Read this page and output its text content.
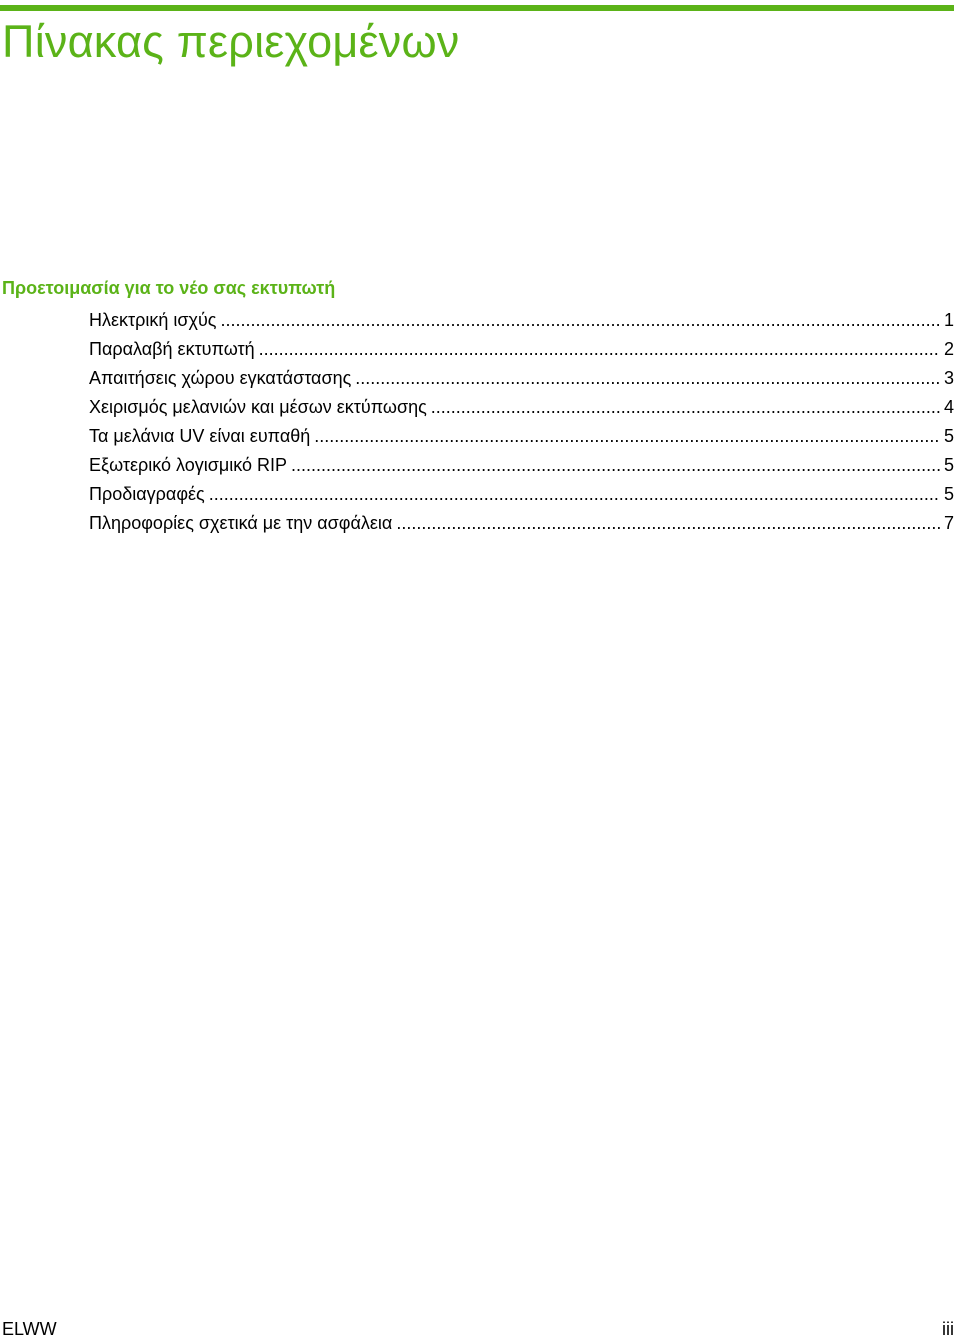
Πίνακας περιεχομένων
Προετοιμασία για το νέο σας εκτυπωτή
Ηλεκτρική ισχύς .....	1
Παραλαβή εκτυπωτή .....	2
Απαιτήσεις χώρου εγκατάστασης .....	3
Χειρισμός μελανιών και μέσων εκτύπωσης .....	4
Τα μελάνια UV είναι ευπαθή .....	5
Εξωτερικό λογισμικό RIP .....	5
Προδιαγραφές .....	5
Πληροφορίες σχετικά με την ασφάλεια .....	7
ELWW	iii
